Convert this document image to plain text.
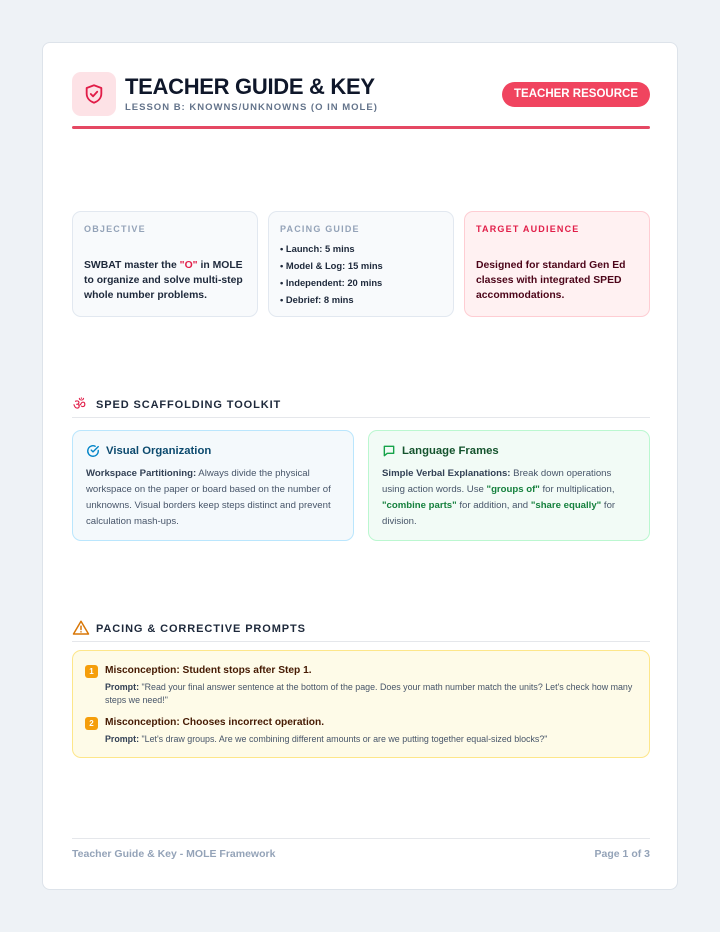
TEACHER GUIDE & KEY
LESSON B: KNOWNS/UNKNOWNS (O IN MOLE)
TEACHER RESOURCE
OBJECTIVE
SWBAT master the "O" in MOLE to organize and solve multi-step whole number problems.
PACING GUIDE
• Launch: 5 mins
• Model & Log: 15 mins
• Independent: 20 mins
• Debrief: 8 mins
TARGET AUDIENCE
Designed for standard Gen Ed classes with integrated SPED accommodations.
ॐ SPED SCAFFOLDING TOOLKIT
Visual Organization
Workspace Partitioning: Always divide the physical workspace on the paper or board based on the number of unknowns. Visual borders keep steps distinct and prevent calculation mash-ups.
Language Frames
Simple Verbal Explanations: Break down operations using action words. Use "groups of" for multiplication, "combine parts" for addition, and "share equally" for division.
PACING & CORRECTIVE PROMPTS
1	Misconception: Student stops after Step 1.
Prompt: "Read your final answer sentence at the bottom of the page. Does your math number match the units? Let's check how many steps we need!"
2	Misconception: Chooses incorrect operation.
Prompt: "Let's draw groups. Are we combining different amounts or are we putting together equal-sized blocks?"
Teacher Guide & Key - MOLE Framework	Page 1 of 3
